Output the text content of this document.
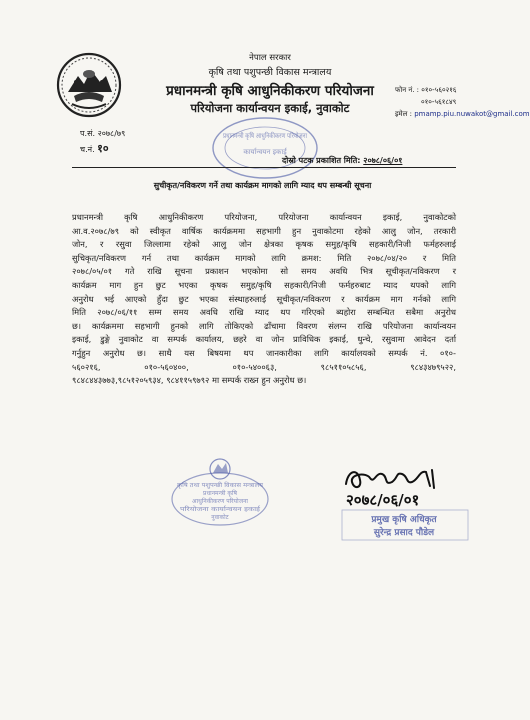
नेपाल सरकार
कृषि तथा पशुपन्छी विकास मन्त्रालय
प्रधानमन्त्री कृषि आधुनिकीकरण परियोजना
परियोजना कार्यान्वयन इकाई, नुवाकोट
फोन नं. : ०१०-५६०२१६
०१०-५६१८४९
इमेल : pmamp.piu.nuwakot@gmail.com
प.सं. २०७८/७९
च.नं. १०
प्रधानमन्त्री कृषि आधुनिकीकरण परियोजना
कार्यान्वयन इकाई
दोस्रो पटक प्रकाशित मिति: २०७८/०६/०१
सुचीकृत/नविकरण गर्ने तथा कार्यक्रम मागको लागि म्याद थप सम्बन्धी सूचना
प्रधानमन्त्री कृषि आधुनिकीकरण परियोजना, परियोजना कार्यान्वयन इकाई, नुवाकोटको
आ.व.२०७८/७९ को स्वीकृत वार्षिक कार्यक्रममा सहभागी हुन नुवाकोटमा रहेको आलु जोन, तरकारी
जोन, र रसुवा जिल्लामा रहेको आलु जोन क्षेत्रका कृषक समुह/कृषि सहकारी/निजी फर्महरुलाई
सुचिकृत/नविकरण गर्न तथा कार्यक्रम मागको लागि क्रमश: मिति २०७८/०४/२० र मिति
२०७८/०५/०१ गते राखि सूचना प्रकाशन भएकोमा सो समय अवधि भित्र सूचीकृत/नविकरण र
कार्यक्रम माग हुन छुट भएका कृषक समुह/कृषि सहकारी/निजी फर्महरुबाट म्याद थपको लागि
अनुरोध भई आएको हुँदा छुट भएका संस्थाहरुलाई सूचीकृत/नविकरण र कार्यक्रम माग गर्नको लागि
मिति २०७८/०६/११ सम्म समय अवधि राखि म्याद थप गरिएको ब्यहोरा सम्बन्धित सबैमा अनुरोध
छ। कार्यक्रममा सहभागी हुनको लागि तोकिएको ढाँचामा विवरण संलग्न राखि परियोजना कार्यान्वयन
इकाई, डुङ्गे नुवाकोट वा सम्पर्क कार्यालय, छहरे वा जोन प्राविधिक इकाई, धुन्चे, रसुवामा आवेदन दर्ता
गर्नुहुन अनुरोध छ। साथै यस बिषयमा थप जानकारीका लागि कार्यालयको सम्पर्क नं. ०१०-
५६०२१६, ०१०-५६०४००, ०१०-५४००६३, ९८५११०५८५६, ९८४३४७९५२२,
९८४८४४३७७३,९८५१२०५९३४, ९८४११५९७९२ मा सम्पर्क राख्न हुन अनुरोध छ।
कृषि तथा पशुपन्छी विकास मन्त्रालय
प्रधानमन्त्री कृषि
आधुनिकीकरण परियोजना
परियोजना कार्यान्वयन इकाई
नुवाकोट
२०७८/०६/०१
प्रमुख कृषि अधिकृत
सुरेन्द्र प्रसाद पौडेल
